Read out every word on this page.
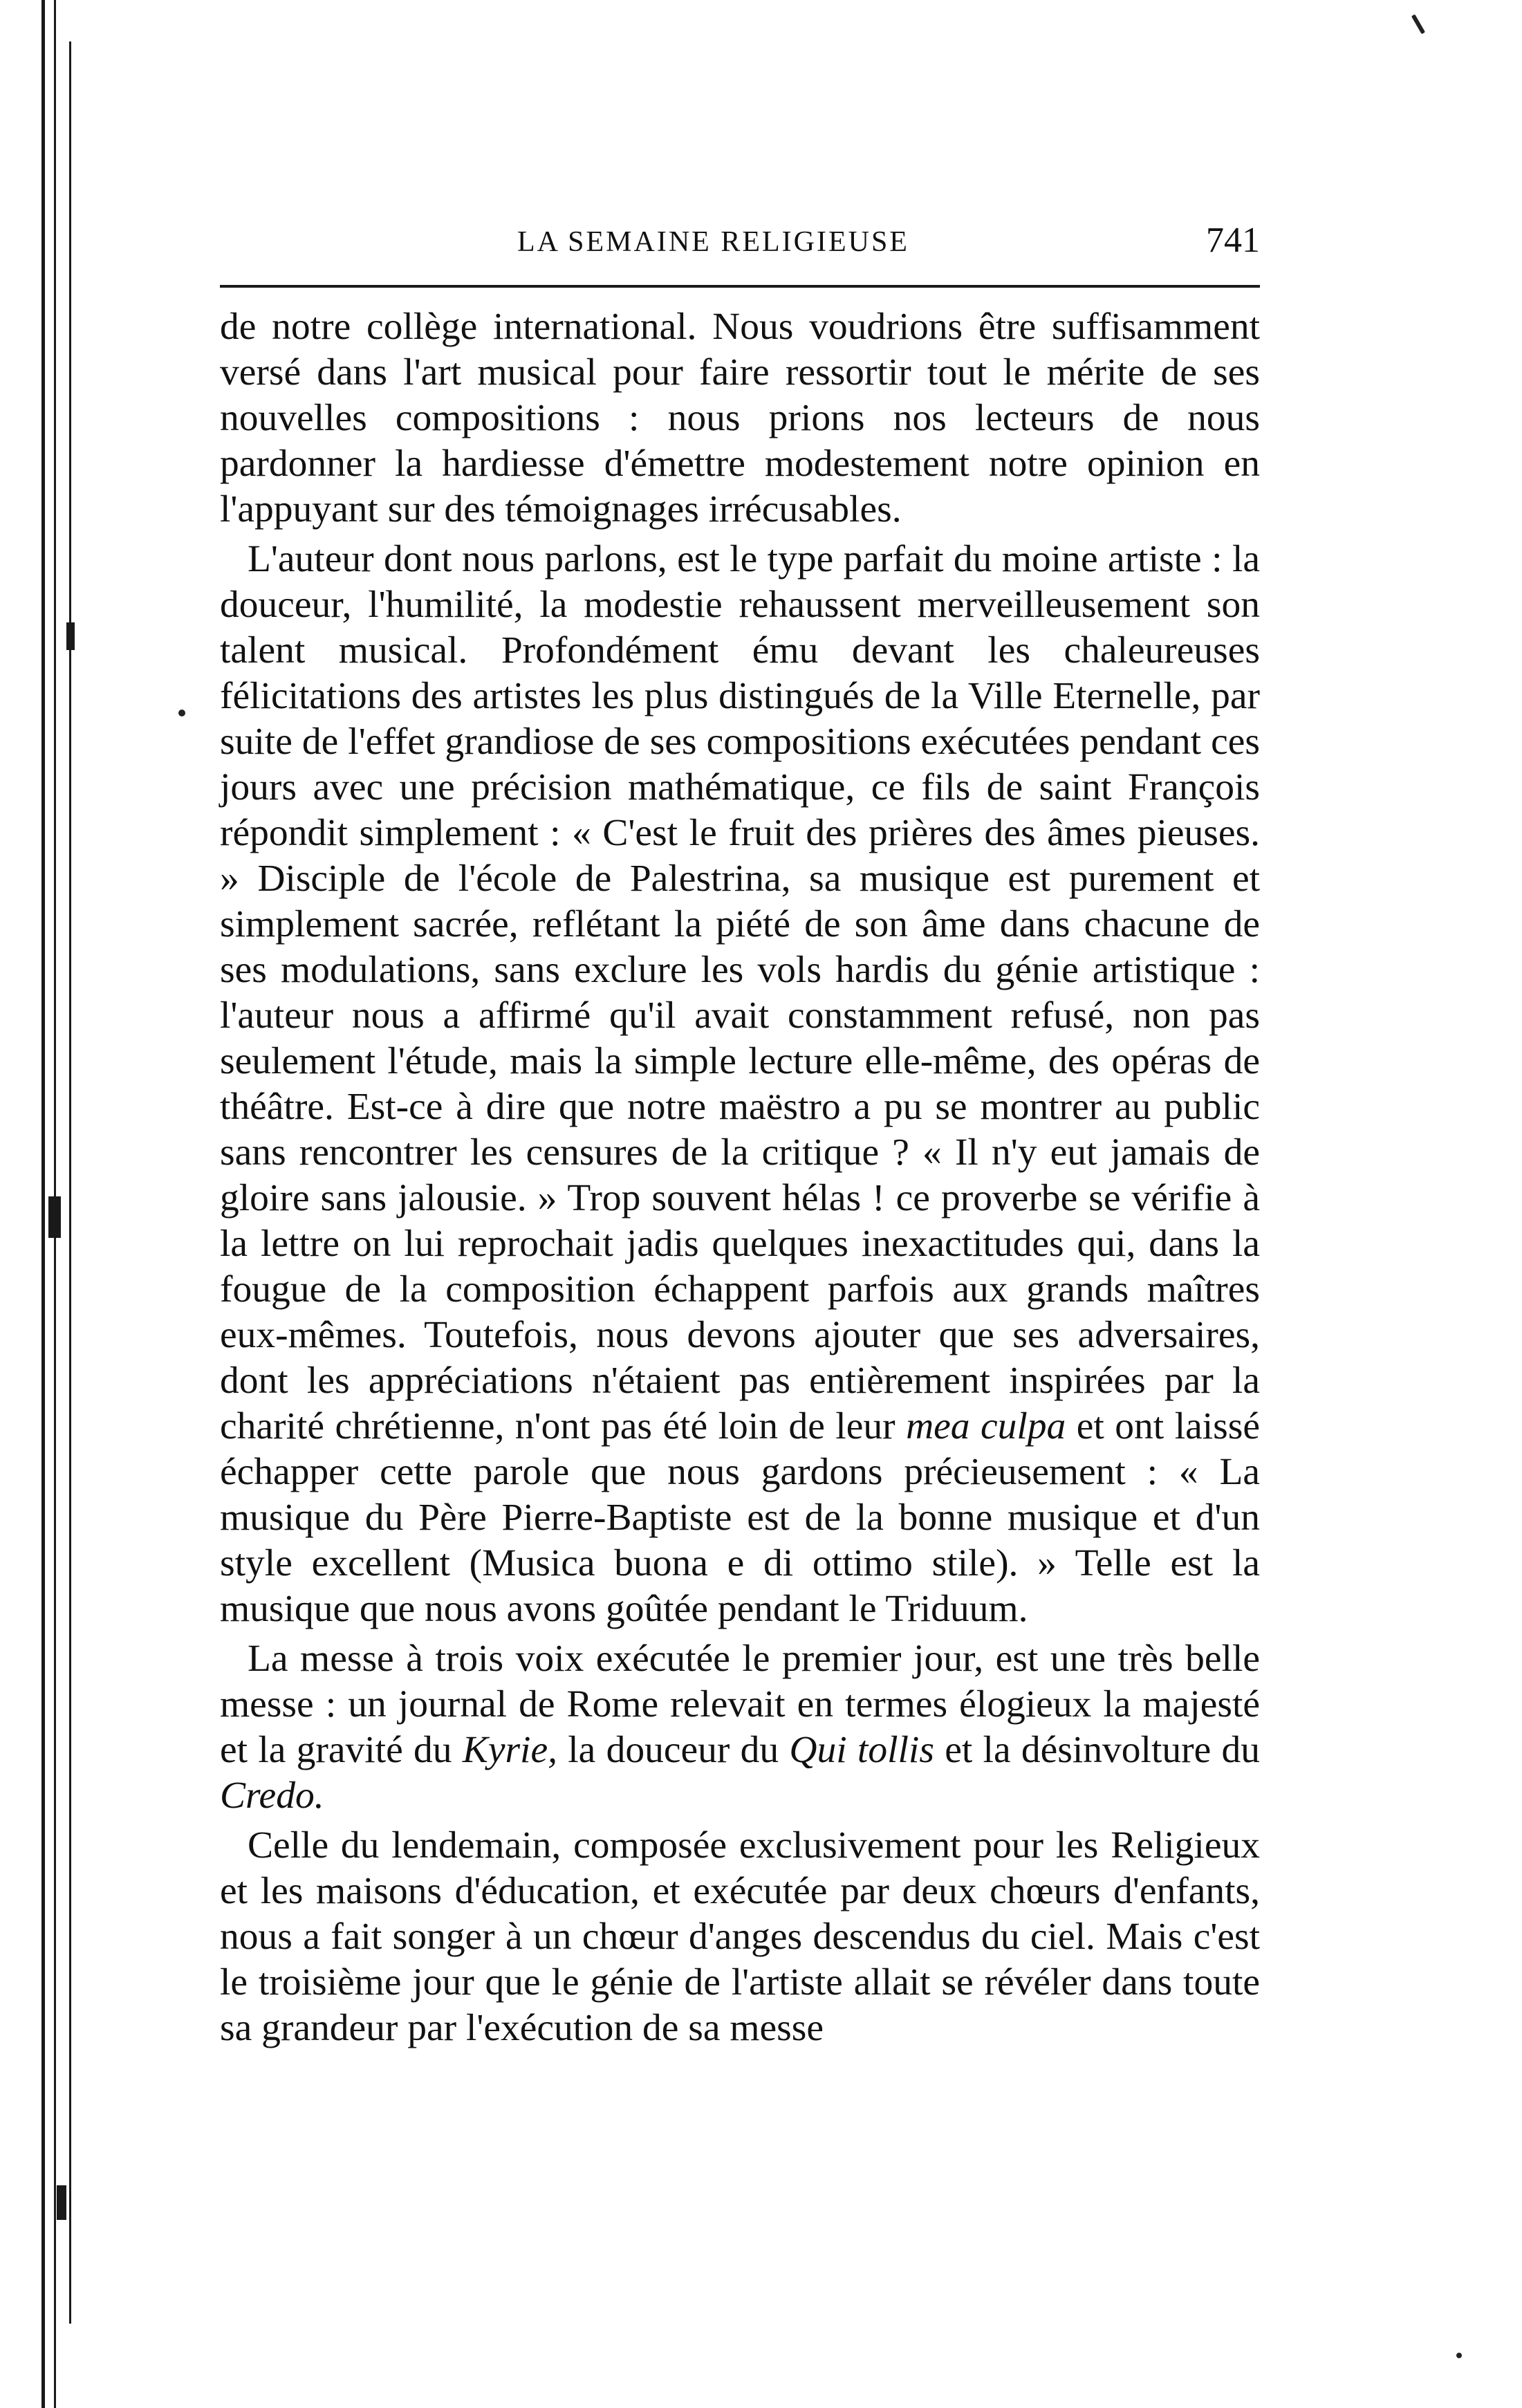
LA SEMAINE RELIGIEUSE	741

de notre collège international. Nous voudrions être suffisamment versé dans l'art musical pour faire ressortir tout le mérite de ses nouvelles compositions : nous prions nos lecteurs de nous pardonner la hardiesse d'émettre modestement notre opinion en l'appuyant sur des témoignages irrécusables.

L'auteur dont nous parlons, est le type parfait du moine artiste : la douceur, l'humilité, la modestie rehaussent merveilleusement son talent musical. Profondément ému devant les chaleureuses félicitations des artistes les plus distingués de la Ville Eternelle, par suite de l'effet grandiose de ses compositions exécutées pendant ces jours avec une précision mathématique, ce fils de saint François répondit simplement : « C'est le fruit des prières des âmes pieuses. » Disciple de l'école de Palestrina, sa musique est purement et simplement sacrée, reflétant la piété de son âme dans chacune de ses modulations, sans exclure les vols hardis du génie artistique : l'auteur nous a affirmé qu'il avait constamment refusé, non pas seulement l'étude, mais la simple lecture elle-même, des opéras de théâtre. Est-ce à dire que notre maëstro a pu se montrer au public sans rencontrer les censures de la critique ? « Il n'y eut jamais de gloire sans jalousie. » Trop souvent hélas ! ce proverbe se vérifie à la lettre on lui reprochait jadis quelques inexactitudes qui, dans la fougue de la composition échappent parfois aux grands maîtres eux-mêmes. Toutefois, nous devons ajouter que ses adversaires, dont les appréciations n'étaient pas entièrement inspirées par la charité chrétienne, n'ont pas été loin de leur mea culpa et ont laissé échapper cette parole que nous gardons précieusement : « La musique du Père Pierre-Baptiste est de la bonne musique et d'un style excellent (Musica buona e di ottimo stile). » Telle est la musique que nous avons goûtée pendant le Triduum.

La messe à trois voix exécutée le premier jour, est une très belle messe : un journal de Rome relevait en termes élogieux la majesté et la gravité du Kyrie, la douceur du Qui tollis et la désinvolture du Credo.

Celle du lendemain, composée exclusivement pour les Religieux et les maisons d'éducation, et exécutée par deux chœurs d'enfants, nous a fait songer à un chœur d'anges descendus du ciel. Mais c'est le troisième jour que le génie de l'artiste allait se révéler dans toute sa grandeur par l'exécution de sa messe
